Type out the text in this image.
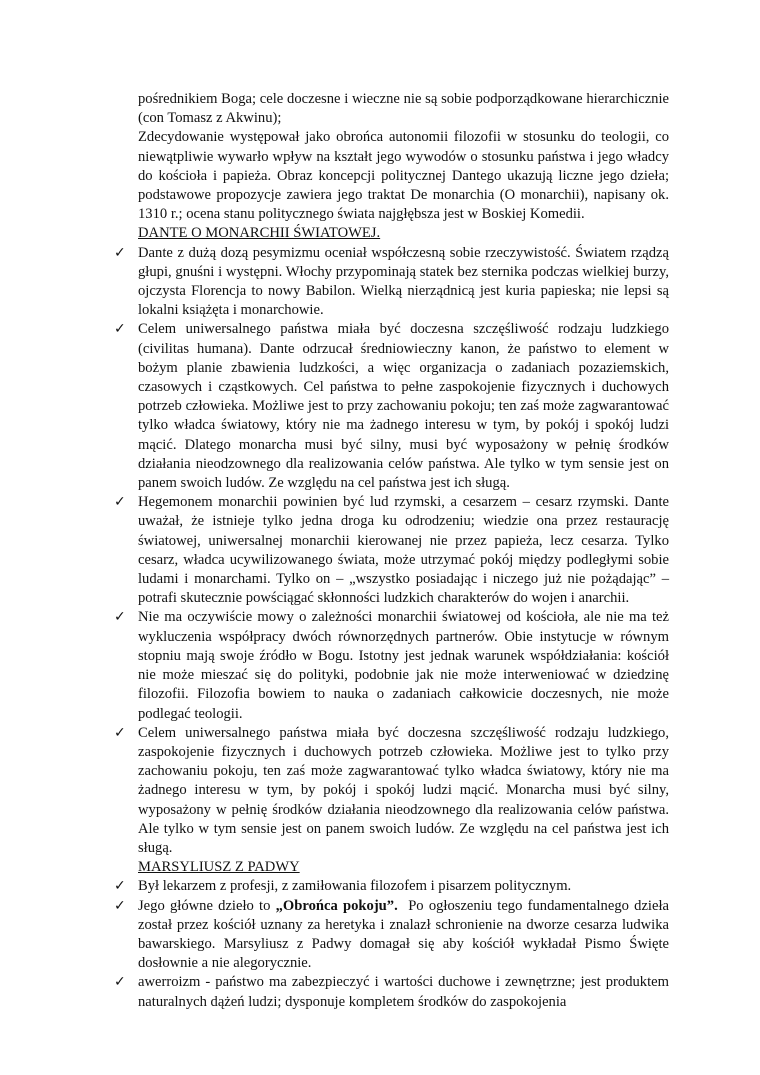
pośrednikiem Boga; cele doczesne i wieczne nie są sobie podporządkowane hierarchicznie (con Tomasz z Akwinu);

Zdecydowanie występował jako obrońca autonomii filozofii w stosunku do teologii, co niewątpliwie wywarło wpływ na kształt jego wywodów o stosunku państwa i jego władcy do kościoła i papieża. Obraz koncepcji politycznej Dantego ukazują liczne jego dzieła; podstawowe propozycje zawiera jego traktat De monarchia (O monarchii), napisany ok. 1310 r.; ocena stanu politycznego świata najgłębsza jest w Boskiej Komedii.

DANTE O MONARCHII ŚWIATOWEJ.

✓ Dante z dużą dozą pesymizmu oceniał współczesną sobie rzeczywistość. Światem rządzą głupi, gnuśni i występni. Włochy przypominają statek bez sternika podczas wielkiej burzy, ojczysta Florencja to nowy Babilon. Wielką nierządnicą jest kuria papieska; nie lepsi są lokalni książęta i monarchowie.
✓ Celem uniwersalnego państwa miała być doczesna szczęśliwość rodzaju ludzkiego (civilitas humana). Dante odrzucał średniowieczny kanon, że państwo to element w bożym planie zbawienia ludzkości, a więc organizacja o zadaniach pozaziemskich, czasowych i cząstkowych. Cel państwa to pełne zaspokojenie fizycznych i duchowych potrzeb człowieka. Możliwe jest to przy zachowaniu pokoju; ten zaś może zagwarantować tylko władca światowy, który nie ma żadnego interesu w tym, by pokój i spokój ludzi mącić. Dlatego monarcha musi być silny, musi być wyposażony w pełnię środków działania nieodzownego dla realizowania celów państwa. Ale tylko w tym sensie jest on panem swoich ludów. Ze względu na cel państwa jest ich sługą.
✓ Hegemonem monarchii powinien być lud rzymski, a cesarzem – cesarz rzymski. Dante uważał, że istnieje tylko jedna droga ku odrodzeniu; wiedzie ona przez restaurację światowej, uniwersalnej monarchii kierowanej nie przez papieża, lecz cesarza. Tylko cesarz, władca ucywilizowanego świata, może utrzymać pokój między podległymi sobie ludami i monarchami. Tylko on – „wszystko posiadając i niczego już nie pożądając” – potrafi skutecznie powściągać skłonności ludzkich charakterów do wojen i anarchii.
✓ Nie ma oczywiście mowy o zależności monarchii światowej od kościoła, ale nie ma też wykluczenia współpracy dwóch równorzędnych partnerów. Obie instytucje w równym stopniu mają swoje źródło w Bogu. Istotny jest jednak warunek współdziałania: kościół nie może mieszać się do polityki, podobnie jak nie może interweniować w dziedzinę filozofii. Filozofia bowiem to nauka o zadaniach całkowicie doczesnych, nie może podlegać teologii.
✓ Celem uniwersalnego państwa miała być doczesna szczęśliwość rodzaju ludzkiego, zaspokojenie fizycznych i duchowych potrzeb człowieka. Możliwe jest to tylko przy zachowaniu pokoju, ten zaś może zagwarantować tylko władca światowy, który nie ma żadnego interesu w tym, by pokój i spokój ludzi mącić. Monarcha musi być silny, wyposażony w pełnię środków działania nieodzownego dla realizowania celów państwa. Ale tylko w tym sensie jest on panem swoich ludów. Ze względu na cel państwa jest ich sługą.

MARSYLIUSZ Z PADWY

✓ Był lekarzem z profesji, z zamiłowania filozofem i pisarzem politycznym.
✓ Jego główne dzieło to „Obrońca pokoju”.  Po ogłoszeniu tego fundamentalnego dzieła został przez kościół uznany za heretyka i znalazł schronienie na dworze cesarza ludwika bawarskiego. Marsyliusz z Padwy domagał się aby kościół wykładał Pismo Święte dosłownie a nie alegorycznie.
✓ awerroizm - państwo ma zabezpieczyć i wartości duchowe i zewnętrzne; jest produktem naturalnych dążeń ludzi; dysponuje kompletem środków do zaspokojenia
